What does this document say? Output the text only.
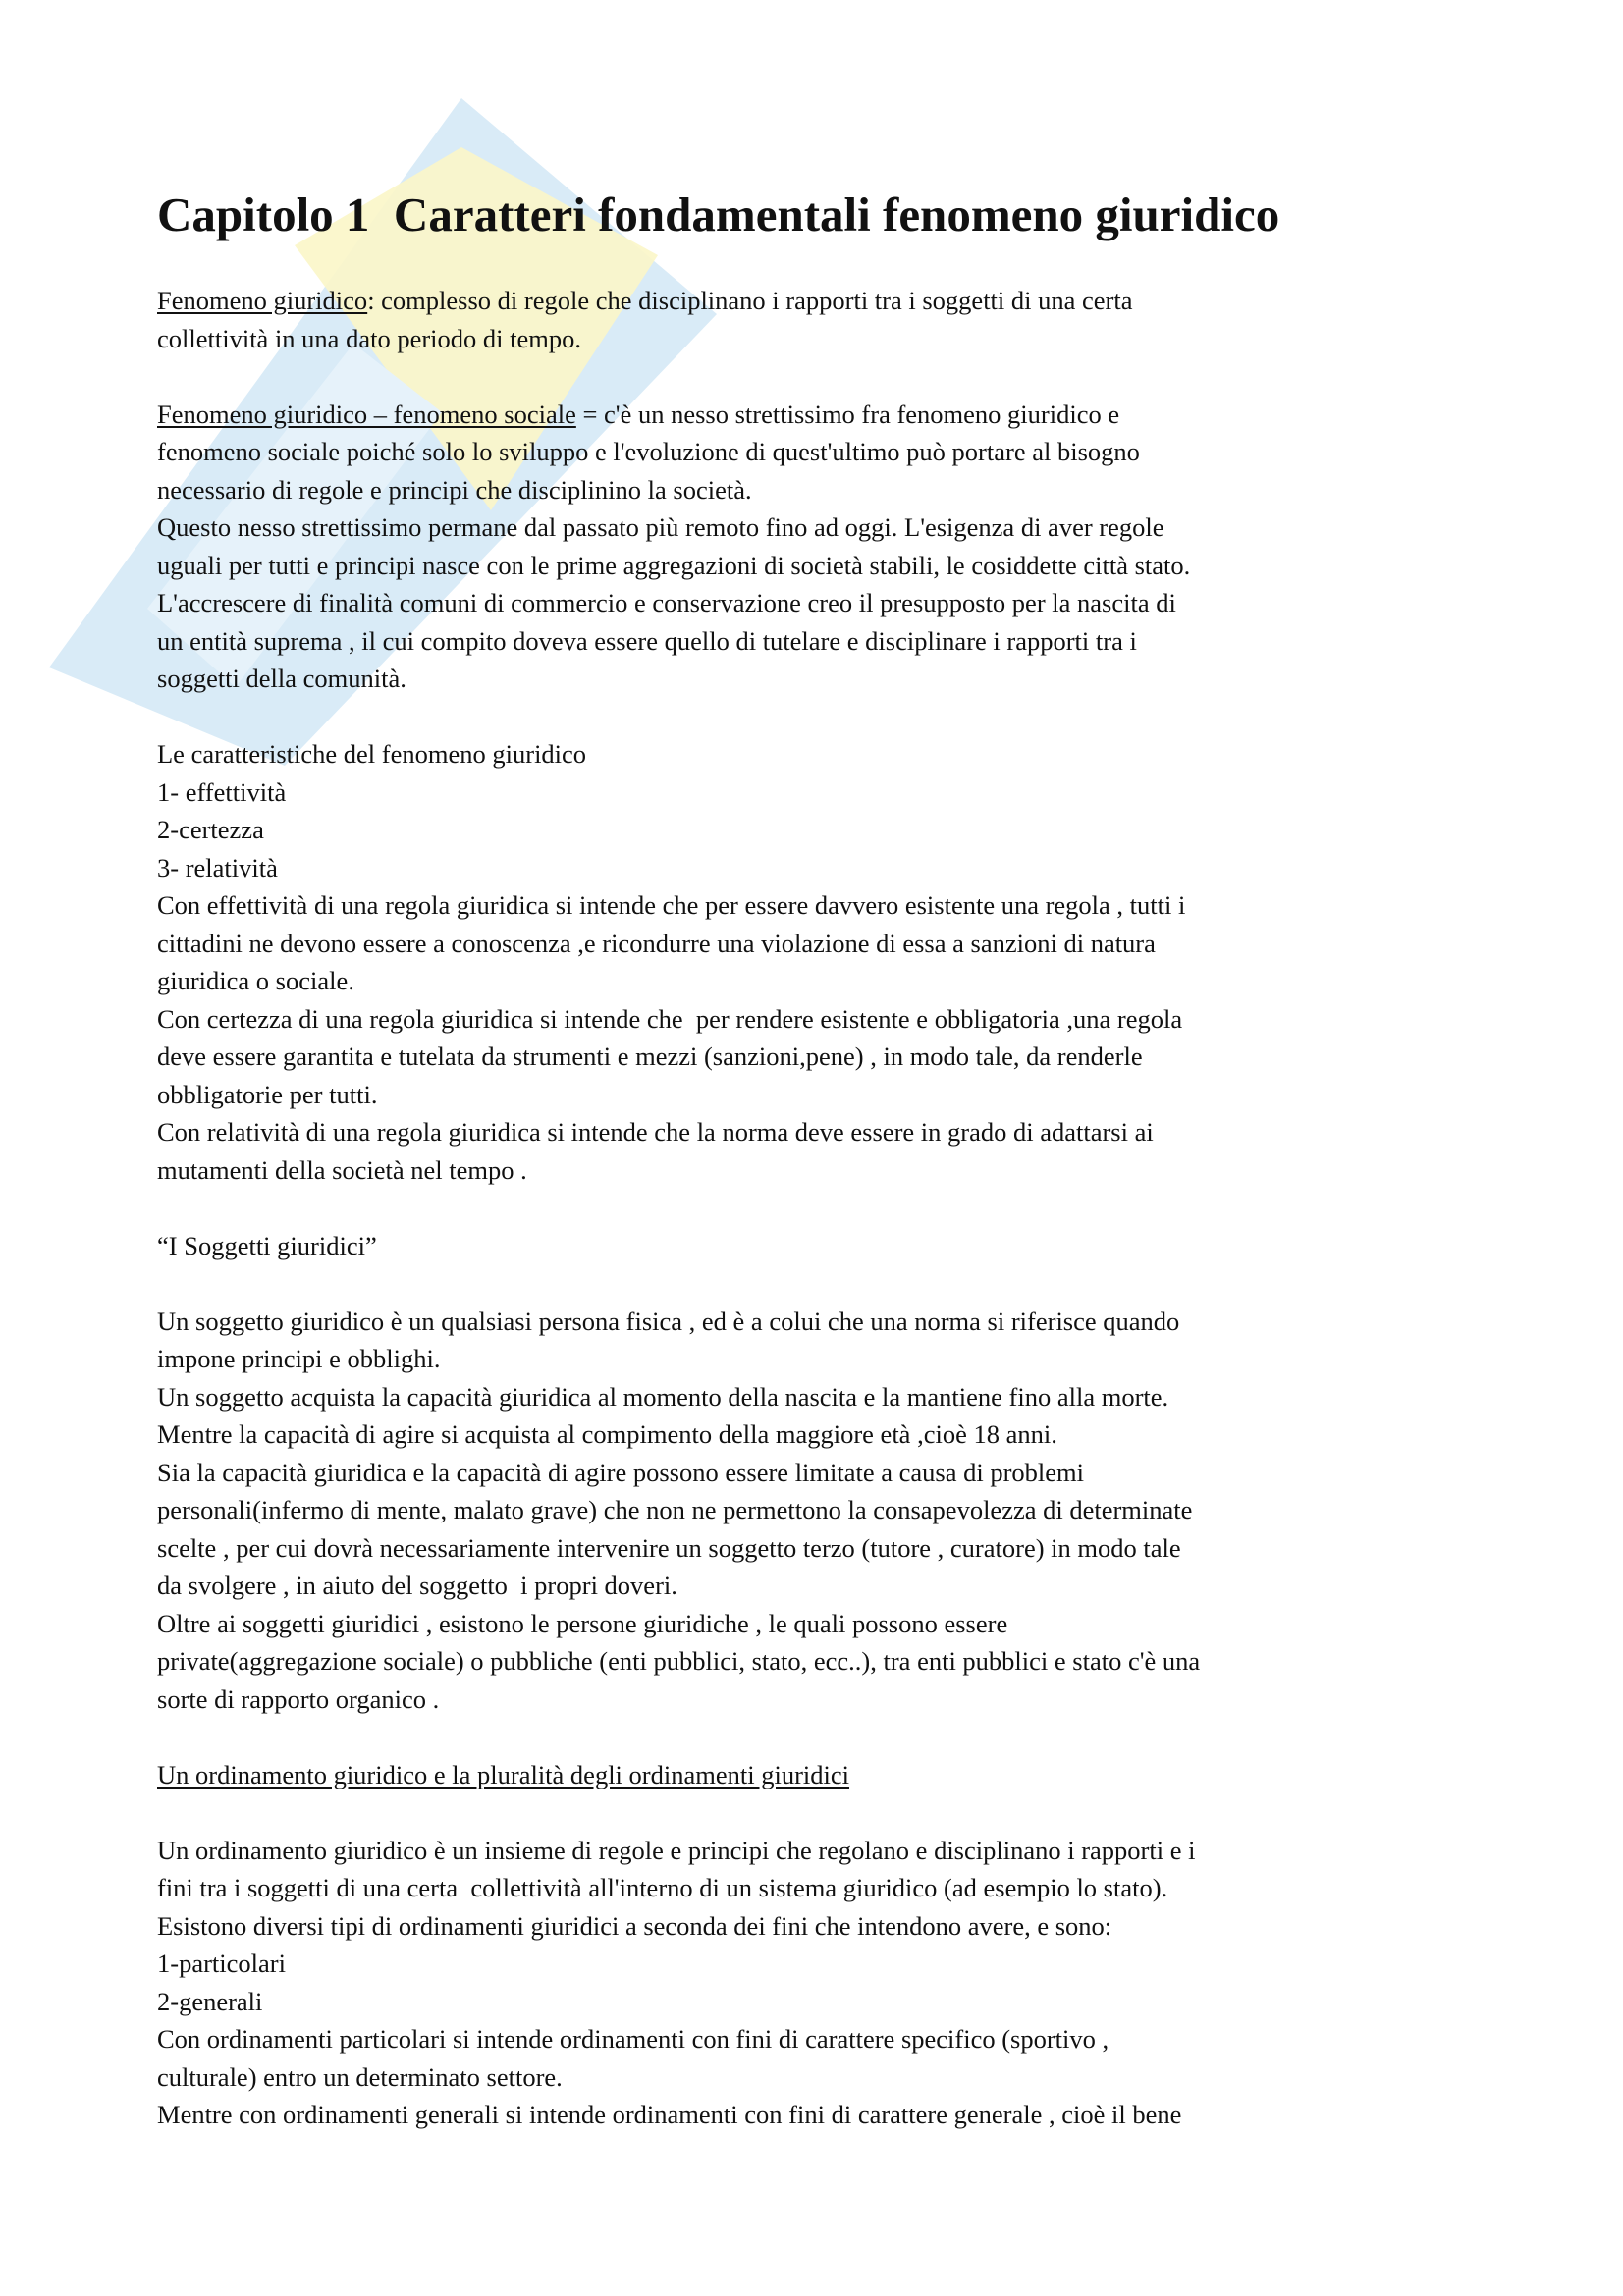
Capitolo 1  Caratteri fondamentali fenomeno giuridico
Fenomeno giuridico: complesso di regole che disciplinano i rapporti tra i soggetti di una certa
collettività in una dato periodo di tempo.
Fenomeno giuridico – fenomeno sociale = c'è un nesso strettissimo fra fenomeno giuridico e
fenomeno sociale poiché solo lo sviluppo e l'evoluzione di quest'ultimo può portare al bisogno
necessario di regole e principi che disciplinino la società.
Questo nesso strettissimo permane dal passato più remoto fino ad oggi. L'esigenza di aver regole
uguali per tutti e principi nasce con le prime aggregazioni di società stabili, le cosiddette città stato.
L'accrescere di finalità comuni di commercio e conservazione creo il presupposto per la nascita di
un entità suprema , il cui compito doveva essere quello di tutelare e disciplinare i rapporti tra i
soggetti della comunità.
Le caratteristiche del fenomeno giuridico
1- effettività
2-certezza
3- relatività
Con effettività di una regola giuridica si intende che per essere davvero esistente una regola , tutti i
cittadini ne devono essere a conoscenza ,e ricondurre una violazione di essa a sanzioni di natura
giuridica o sociale.
Con certezza di una regola giuridica si intende che  per rendere esistente e obbligatoria ,una regola
deve essere garantita e tutelata da strumenti e mezzi (sanzioni,pene) , in modo tale, da renderle
obbligatorie per tutti.
Con relatività di una regola giuridica si intende che la norma deve essere in grado di adattarsi ai
mutamenti della società nel tempo .
“I Soggetti giuridici”
Un soggetto giuridico è un qualsiasi persona fisica , ed è a colui che una norma si riferisce quando
impone principi e obblighi.
Un soggetto acquista la capacità giuridica al momento della nascita e la mantiene fino alla morte.
Mentre la capacità di agire si acquista al compimento della maggiore età ,cioè 18 anni.
Sia la capacità giuridica e la capacità di agire possono essere limitate a causa di problemi
personali(infermo di mente, malato grave) che non ne permettono la consapevolezza di determinate
scelte , per cui dovrà necessariamente intervenire un soggetto terzo (tutore , curatore) in modo tale
da svolgere , in aiuto del soggetto  i propri doveri.
Oltre ai soggetti giuridici , esistono le persone giuridiche , le quali possono essere
private(aggregazione sociale) o pubbliche (enti pubblici, stato, ecc..), tra enti pubblici e stato c'è una
sorte di rapporto organico .
Un ordinamento giuridico e la pluralità degli ordinamenti giuridici
Un ordinamento giuridico è un insieme di regole e principi che regolano e disciplinano i rapporti e i
fini tra i soggetti di una certa  collettività all'interno di un sistema giuridico (ad esempio lo stato).
Esistono diversi tipi di ordinamenti giuridici a seconda dei fini che intendono avere, e sono:
1-particolari
2-generali
Con ordinamenti particolari si intende ordinamenti con fini di carattere specifico (sportivo ,
culturale) entro un determinato settore.
Mentre con ordinamenti generali si intende ordinamenti con fini di carattere generale , cioè il bene
